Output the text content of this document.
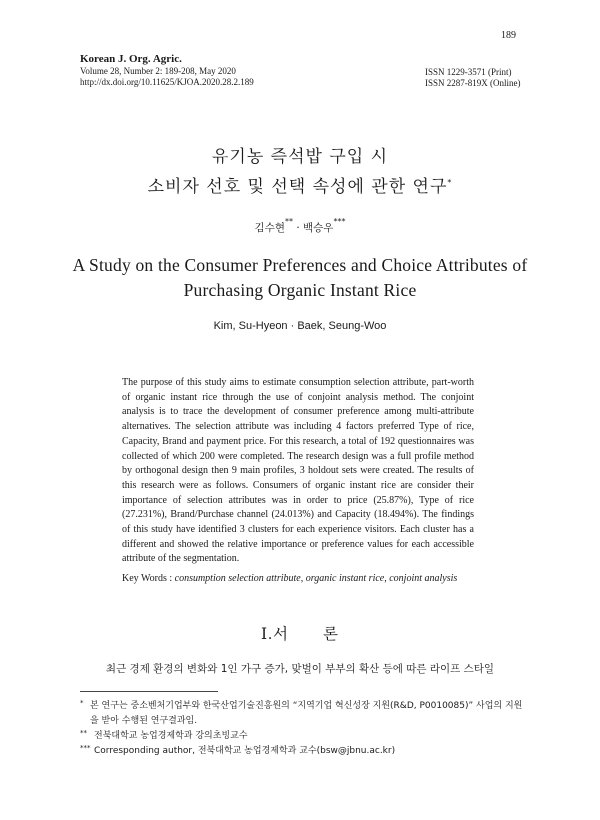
189
Korean J. Org. Agric.
Volume 28, Number 2: 189-208, May 2020
http://dx.doi.org/10.11625/KJOA.2020.28.2.189
ISSN 1229-3571 (Print)
ISSN 2287-819X (Online)
유기농 즉석밥 구입 시
소비자 선호 및 선택 속성에 관한 연구*
김수현** · 백승우***
A Study on the Consumer Preferences and Choice Attributes of
Purchasing Organic Instant Rice
Kim, Su-Hyeon · Baek, Seung-Woo
The purpose of this study aims to estimate consumption selection attribute, part-worth of organic instant rice through the use of conjoint analysis method. The conjoint analysis is to trace the development of consumer preference among multi-attribute alternatives. The selection attribute was including 4 factors preferred Type of rice, Capacity, Brand and payment price. For this research, a total of 192 questionnaires was collected of which 200 were completed. The research design was a full profile method by orthogonal design then 9 main profiles, 3 holdout sets were created. The results of this research were as follows. Consumers of organic instant rice are consider their importance of selection attributes was in order to price (25.87%), Type of rice (27.231%), Brand/Purchase channel (24.013%) and Capacity (18.494%). The findings of this study have identified 3 clusters for each experience visitors. Each cluster has a different and showed the relative importance or preference values for each accessible attribute of the segmentation.
Key Words : consumption selection attribute, organic instant rice, conjoint analysis
Ⅰ.서 론
최근 경제 환경의 변화와 1인 가구 증가, 맞벌이 부부의 확산 등에 따른 라이프 스타일
* 본 연구는 중소벤처기업부와 한국산업기술진흥원의 “지역기업 혁신성장 지원(R&D, P0010085)” 사업의 지원을 받아 수행된 연구결과임.
** 전북대학교 농업경제학과 강의초빙교수
*** Corresponding author, 전북대학교 농업경제학과 교수(bsw@jbnu.ac.kr)
